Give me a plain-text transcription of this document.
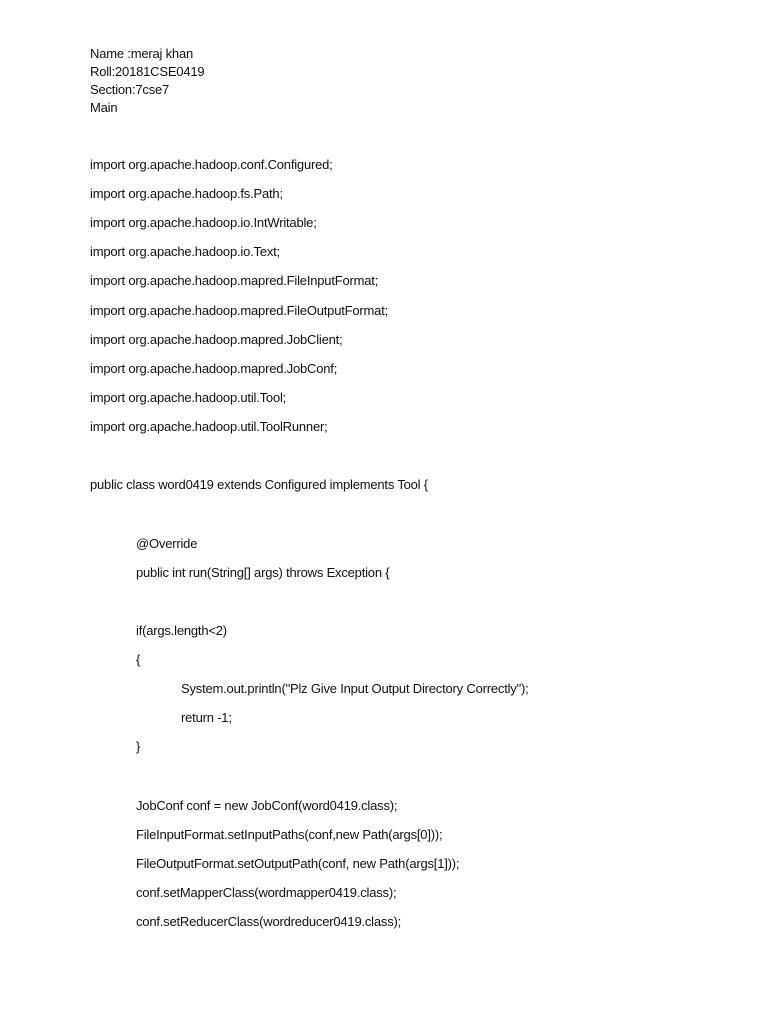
Name :meraj khan
Roll:20181CSE0419
Section:7cse7
Main
import org.apache.hadoop.conf.Configured;
import org.apache.hadoop.fs.Path;
import org.apache.hadoop.io.IntWritable;
import org.apache.hadoop.io.Text;
import org.apache.hadoop.mapred.FileInputFormat;
import org.apache.hadoop.mapred.FileOutputFormat;
import org.apache.hadoop.mapred.JobClient;
import org.apache.hadoop.mapred.JobConf;
import org.apache.hadoop.util.Tool;
import org.apache.hadoop.util.ToolRunner;
public class word0419 extends Configured implements Tool {
@Override
public int run(String[] args) throws Exception {
if(args.length<2)
{
System.out.println("Plz Give Input Output Directory Correctly");
return -1;
}
JobConf conf = new JobConf(word0419.class);
FileInputFormat.setInputPaths(conf,new Path(args[0]));
FileOutputFormat.setOutputPath(conf, new Path(args[1]));
conf.setMapperClass(wordmapper0419.class);
conf.setReducerClass(wordreducer0419.class);
